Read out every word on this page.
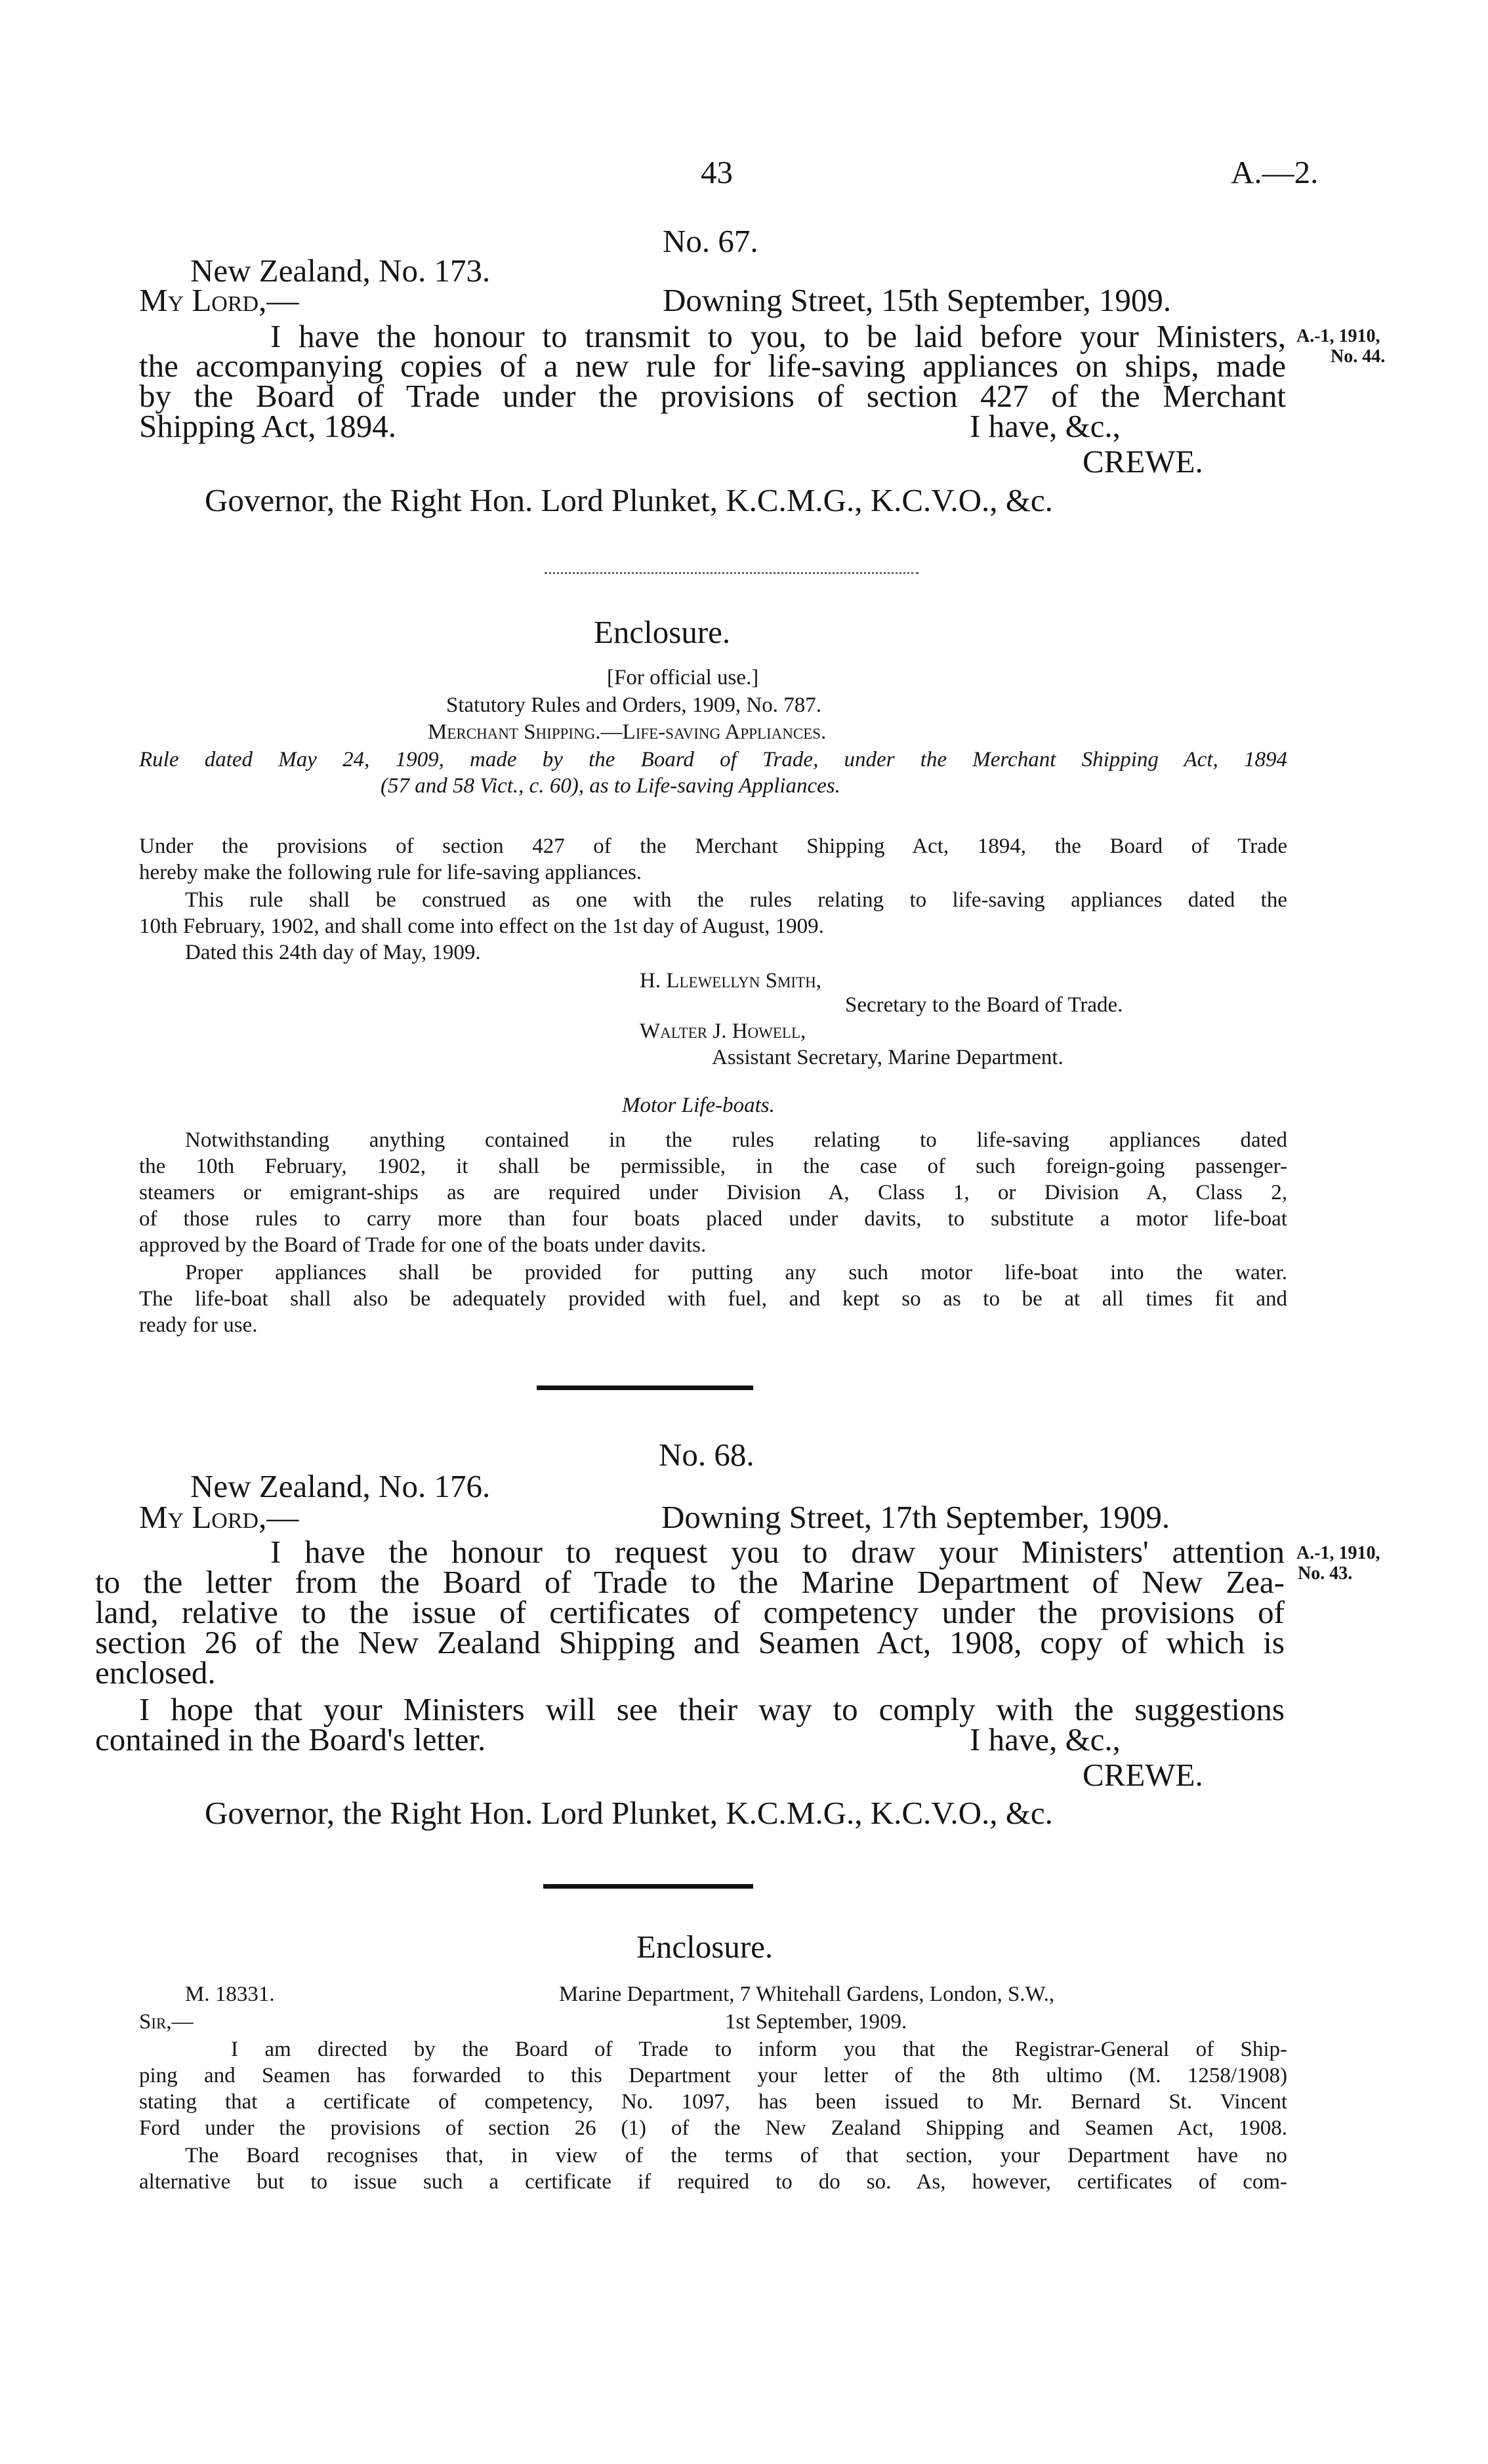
43	A.—2.
No. 67.
New Zealand, No. 173.
My Lord,—	Downing Street, 15th September, 1909.
I have the honour to transmit to you, to be laid before your Ministers,
the accompanying copies of a new rule for life-saving appliances on ships, made
by the Board of Trade under the provisions of section 427 of the Merchant
Shipping Act, 1894.	I have, &c.,
CREWE.
Governor, the Right Hon. Lord Plunket, K.C.M.G., K.C.V.O., &c.
A.-1, 1910,
No. 44.
Enclosure.
[For official use.]
Statutory Rules and Orders, 1909, No. 787.
Merchant Shipping.—Life-saving Appliances.
Rule dated May 24, 1909, made by the Board of Trade, under the Merchant Shipping Act, 1894
(57 and 58 Vict., c. 60), as to Life-saving Appliances.
Under the provisions of section 427 of the Merchant Shipping Act, 1894, the Board of Trade
hereby make the following rule for life-saving appliances.
This rule shall be construed as one with the rules relating to life-saving appliances dated the
10th February, 1902, and shall come into effect on the 1st day of August, 1909.
Dated this 24th day of May, 1909.
H. Llewellyn Smith,
Secretary to the Board of Trade.
Walter J. Howell,
Assistant Secretary, Marine Department.
Motor Life-boats.
Notwithstanding anything contained in the rules relating to life-saving appliances dated
the 10th February, 1902, it shall be permissible, in the case of such foreign-going passenger-
steamers or emigrant-ships as are required under Division A, Class 1, or Division A, Class 2,
of those rules to carry more than four boats placed under davits, to substitute a motor life-boat
approved by the Board of Trade for one of the boats under davits.
Proper appliances shall be provided for putting any such motor life-boat into the water.
The life-boat shall also be adequately provided with fuel, and kept so as to be at all times fit and
ready for use.
No. 68.
New Zealand, No. 176.
My Lord,—	Downing Street, 17th September, 1909.
I have the honour to request you to draw your Ministers' attention
to the letter from the Board of Trade to the Marine Department of New Zea-
land, relative to the issue of certificates of competency under the provisions of
section 26 of the New Zealand Shipping and Seamen Act, 1908, copy of which is
enclosed.
I hope that your Ministers will see their way to comply with the suggestions
contained in the Board's letter.	I have, &c.,
CREWE.
Governor, the Right Hon. Lord Plunket, K.C.M.G., K.C.V.O., &c.
A.-1, 1910,
No. 43.
Enclosure.
M. 18331.	Marine Department, 7 Whitehall Gardens, London, S.W.,
Sir,—	1st September, 1909.
I am directed by the Board of Trade to inform you that the Registrar-General of Ship-
ping and Seamen has forwarded to this Department your letter of the 8th ultimo (M. 1258/1908)
stating that a certificate of competency, No. 1097, has been issued to Mr. Bernard St. Vincent
Ford under the provisions of section 26 (1) of the New Zealand Shipping and Seamen Act, 1908.
The Board recognises that, in view of the terms of that section, your Department have no
alternative but to issue such a certificate if required to do so. As, however, certificates of com-
